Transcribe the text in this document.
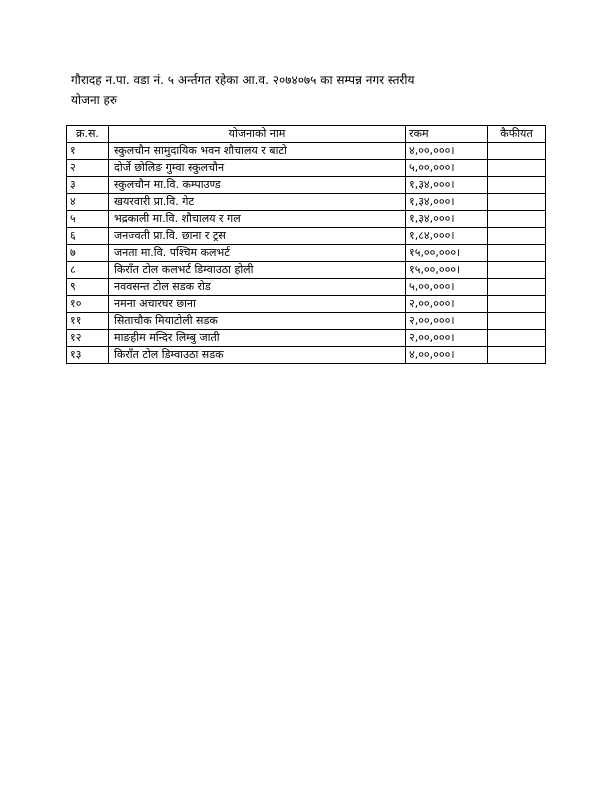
गौरादह न.पा. वडा नं. ५ अर्न्तगत रहेका आ.व. २०७४०७५ का सम्पन्न नगर स्तरीय

योजना हरु

क्र.स.	योजनाको नाम	रकम	कैफीयत
१	स्कुलचौन सामुदायिक भवन शौचालय र बाटो	४,००,०००।	
२	दोर्जे छोलिङ गुम्वा स्कुलचौन	५,००,०००।	
३	स्कुलचौन मा.वि. कम्पाउण्ड	१,३४,०००।	
४	खयरवारी प्रा.वि. गेट	१,३४,०००।	
५	भद्रकाली मा.वि. शौचालय र गल	१,३४,०००।	
६	जनज्वती प्रा.वि. छाना र ट्रस	१,८४,०००।	
७	जनता मा.वि. पश्चिम कलभर्ट	१५,००,०००।	
८	किराँत टोल कलभर्ट डिम्वाउठा होली	१५,००,०००।	
९	नववसन्त टोल सडक रोड	५,००,०००।	
१०	नमना अचारघर छाना	२,००,०००।	
११	सिताचौक मियाटोली सडक	२,००,०००।	
१२	माङहीम मन्दिर लिम्बु जाती	२,००,०००।	
१३	किराँत टोल डिम्वाउठा सडक	४,००,०००।	
